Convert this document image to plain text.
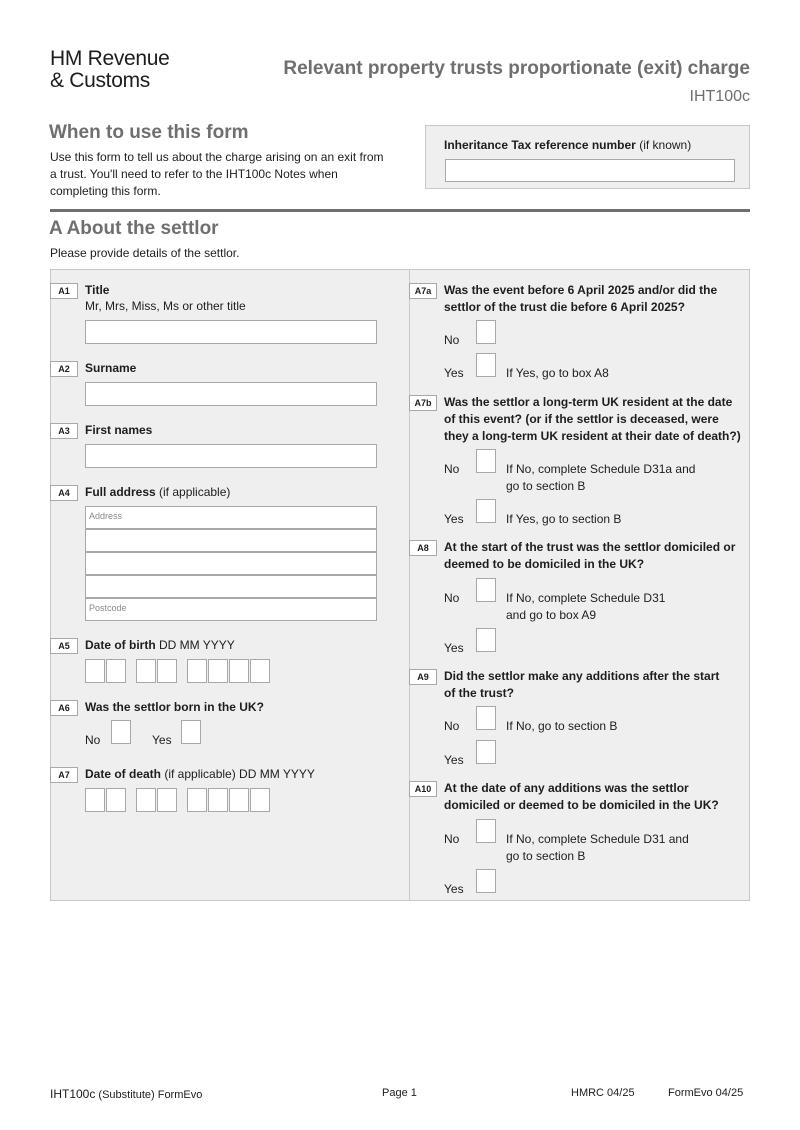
HM Revenue
& Customs
Relevant property trusts proportionate (exit) charge
IHT100c
When to use this form
Use this form to tell us about the charge arising on an exit from a trust. You'll need to refer to the IHT100c Notes when completing this form.
Inheritance Tax reference number (if known)
A About the settlor
Please provide details of the settlor.
A1	Title
Mr, Mrs, Miss, Ms or other title
A2	Surname
A3	First names
A4	Full address (if applicable)
Address
Postcode
A5	Date of birth DD MM YYYY
A6	Was the settlor born in the UK?
No	Yes
A7	Date of death (if applicable) DD MM YYYY
A7a	Was the event before 6 April 2025 and/or did the settlor of the trust die before 6 April 2025?
No
Yes	If Yes, go to box A8
A7b	Was the settlor a long-term UK resident at the date of this event? (or if the settlor is deceased, were they a long-term UK resident at their date of death?)
No	If No, complete Schedule D31a and go to section B
Yes	If Yes, go to section B
A8	At the start of the trust was the settlor domiciled or deemed to be domiciled in the UK?
No	If No, complete Schedule D31 and go to box A9
Yes
A9	Did the settlor make any additions after the start of the trust?
No	If No, go to section B
Yes
A10	At the date of any additions was the settlor domiciled or deemed to be domiciled in the UK?
No	If No, complete Schedule D31 and go to section B
Yes
IHT100c (Substitute) FormEvo	Page 1	HMRC 04/25	FormEvo 04/25
